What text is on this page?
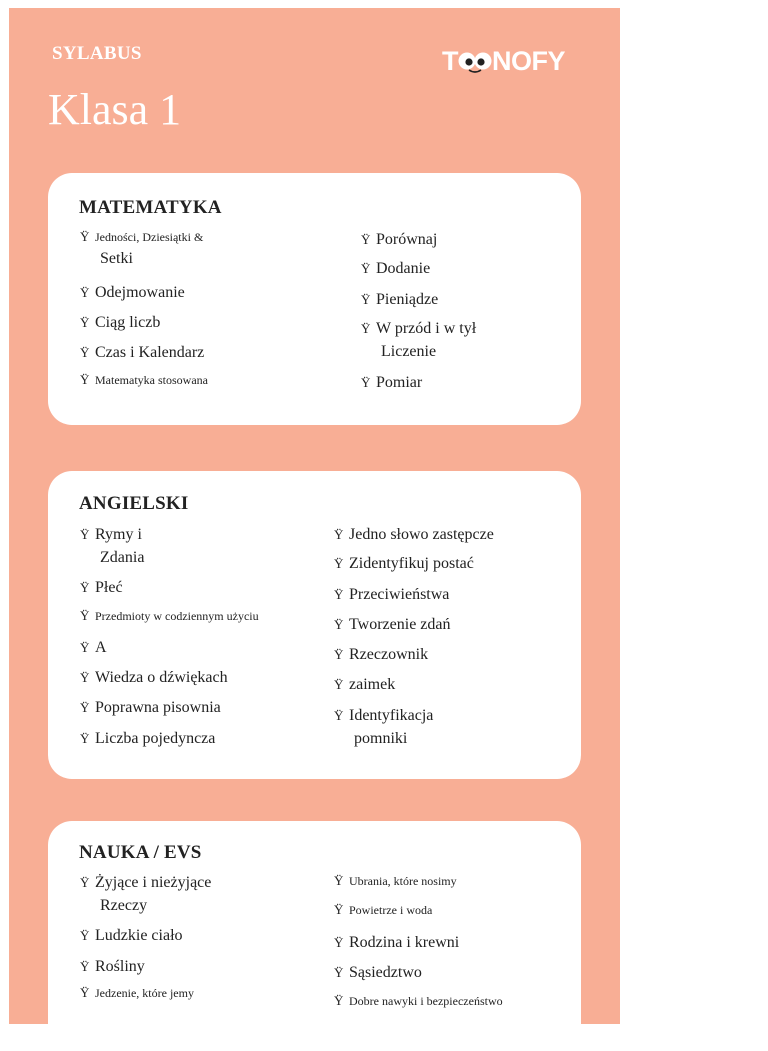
SYLABUS
Klasa 1
T NOFY
MATEMATYKA
Ÿ Jedności, Dziesiątki &
Setki
Ÿ Odejmowanie
Ÿ Ciąg liczb
Ÿ Czas i Kalendarz
Ÿ Matematyka stosowana
Ÿ Porównaj
Ÿ Dodanie
Ÿ Pieniądze
Ÿ W przód i w tył
Liczenie
Ÿ Pomiar
ANGIELSKI
Ÿ Rymy i
Zdania
Ÿ Płeć
Ÿ Przedmioty w codziennym użyciu
Ÿ A
Ÿ Wiedza o dźwiękach
Ÿ Poprawna pisownia
Ÿ Liczba pojedyncza
Ÿ Jedno słowo zastępcze
Ÿ Zidentyfikuj postać
Ÿ Przeciwieństwa
Ÿ Tworzenie zdań
Ÿ Rzeczownik
Ÿ zaimek
Ÿ Identyfikacja
pomniki
NAUKA / EVS
Ÿ Żyjące i nieżyjące
Rzeczy
Ÿ Ludzkie ciało
Ÿ Rośliny
Ÿ Jedzenie, które jemy
Ÿ Ubrania, które nosimy
Ÿ Powietrze i woda
Ÿ Rodzina i krewni
Ÿ Sąsiedztwo
Ÿ Dobre nawyki i bezpieczeństwo
